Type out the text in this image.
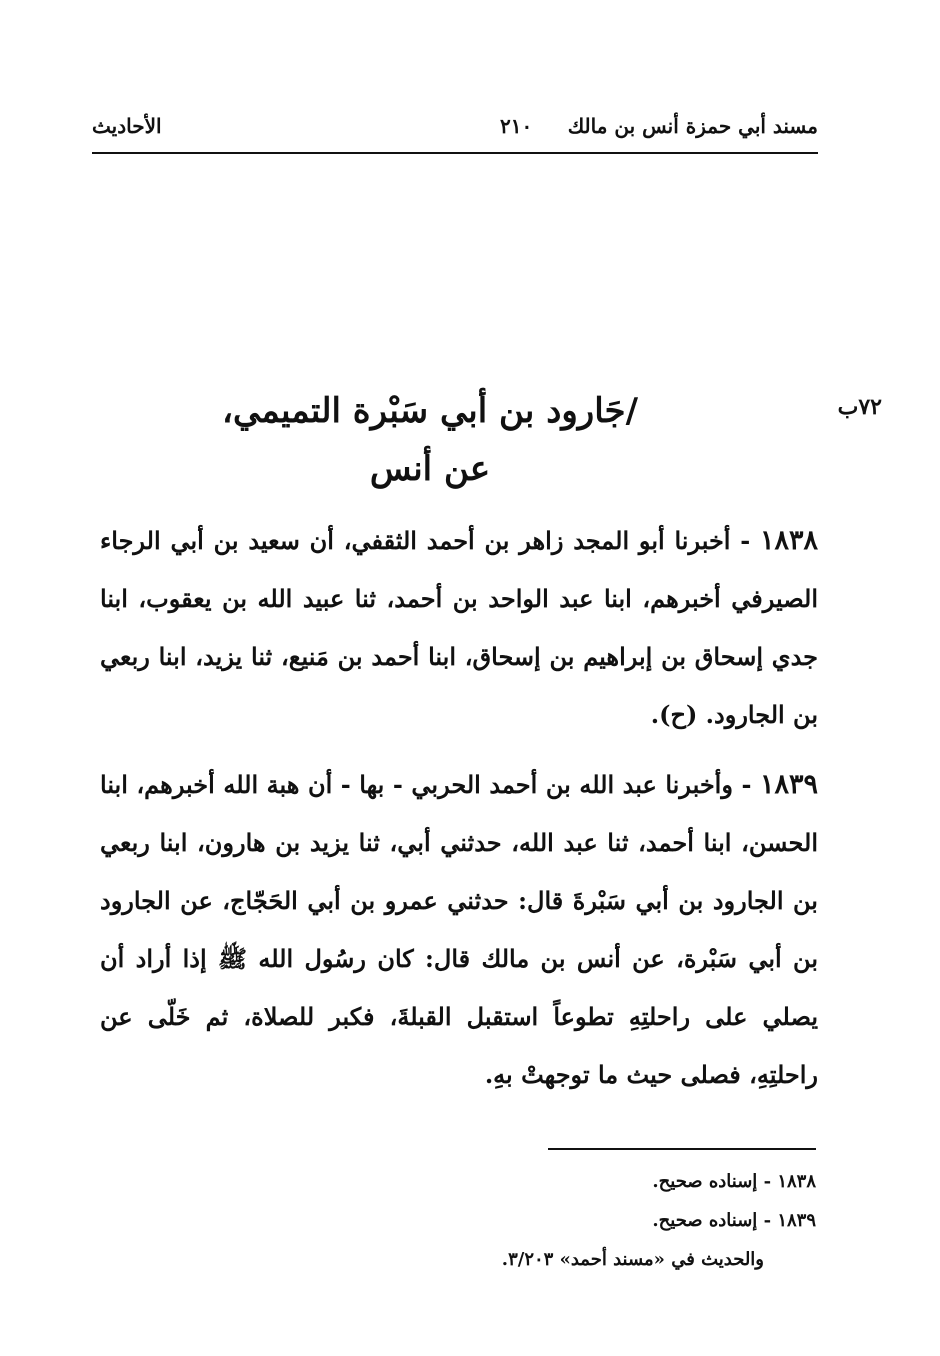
مسند أبي حمزة أنس بن مالك
٢١٠
الأحاديث
٧٢ب
/جَارود بن أبي سَبْرة التميمي،
عن أنس

١٨٣٨ - أخبرنا أبو المجد زاهر بن أحمد الثقفي، أن سعيد بن أبي الرجاء الصيرفي أخبرهم، ابنا عبد الواحد بن أحمد، ثنا عبيد الله بن يعقوب، ابنا جدي إسحاق بن إبراهيم بن إسحاق، ابنا أحمد بن مَنيع، ثنا يزيد، ابنا ربعي بن الجارود. (ح).

١٨٣٩ - وأخبرنا عبد الله بن أحمد الحربي - بها - أن هبة الله أخبرهم، ابنا الحسن، ابنا أحمد، ثنا عبد الله، حدثني أبي، ثنا يزيد بن هارون، ابنا ربعي بن الجارود بن أبي سَبْرةَ قال: حدثني عمرو بن أبي الحَجّاج، عن الجارود بن أبي سَبْرة، عن أنس بن مالك قال: كان رسُول الله ﷺ إذا أراد أن يصلي على راحلتِهِ تطوعاً استقبل القبلةَ، فكبر للصلاة، ثم خَلّى عن راحلتِهِ، فصلى حيث ما توجهتْ بهِ.

١٨٣٨ - إسناده صحيح.
١٨٣٩ - إسناده صحيح.
والحديث في «مسند أحمد» ٣/٢٠٣.
